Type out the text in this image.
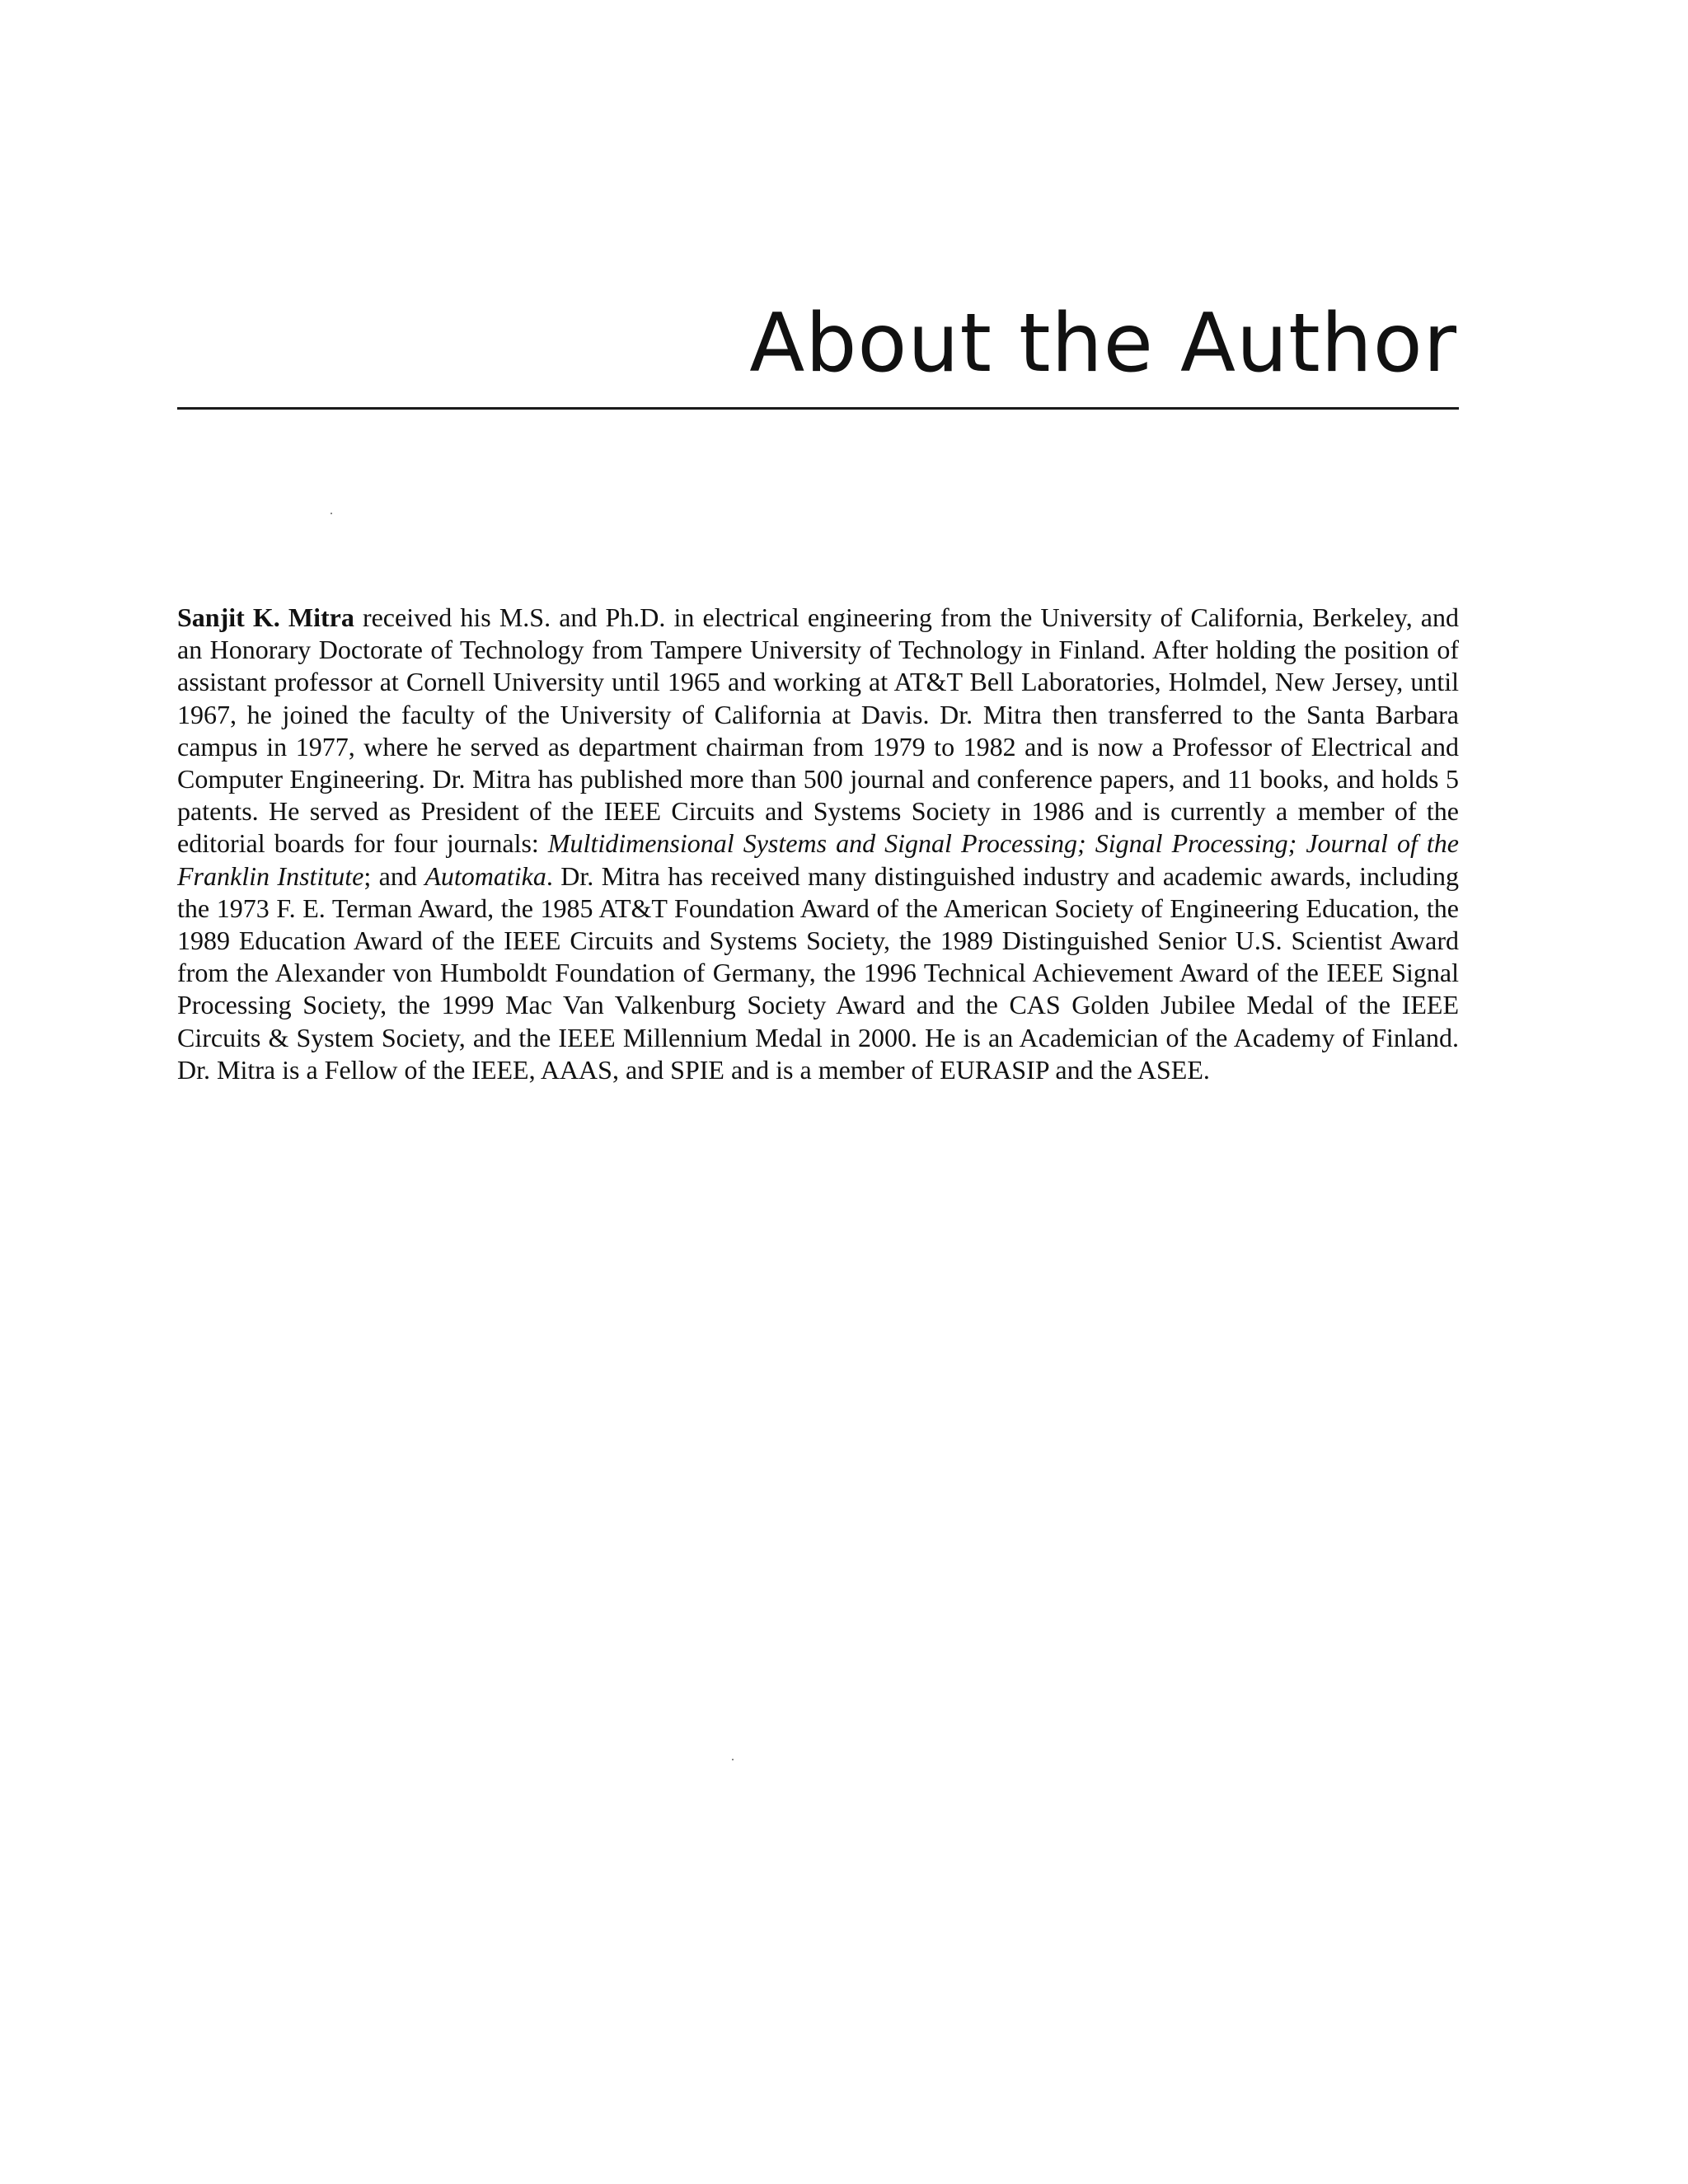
About the Author

Sanjit K. Mitra received his M.S. and Ph.D. in electrical engineering from the University of California, Berkeley, and an Honorary Doctorate of Technology from Tampere University of Technology in Finland. After holding the position of assistant professor at Cornell University until 1965 and working at AT&T Bell Laboratories, Holmdel, New Jersey, until 1967, he joined the faculty of the University of California at Davis. Dr. Mitra then transferred to the Santa Barbara campus in 1977, where he served as department chairman from 1979 to 1982 and is now a Professor of Electrical and Computer Engineering. Dr. Mitra has published more than 500 journal and conference papers, and 11 books, and holds 5 patents. He served as President of the IEEE Circuits and Systems Society in 1986 and is currently a member of the editorial boards for four journals: Multidimensional Systems and Signal Processing; Signal Processing; Journal of the Franklin Institute; and Automatika. Dr. Mitra has received many distinguished industry and academic awards, including the 1973 F. E. Terman Award, the 1985 AT&T Foundation Award of the American Society of Engineering Education, the 1989 Education Award of the IEEE Circuits and Systems Society, the 1989 Distinguished Senior U.S. Scientist Award from the Alexander von Humboldt Foundation of Germany, the 1996 Technical Achievement Award of the IEEE Signal Processing Society, the 1999 Mac Van Valkenburg Society Award and the CAS Golden Jubilee Medal of the IEEE Circuits & System Society, and the IEEE Millennium Medal in 2000. He is an Academician of the Academy of Finland. Dr. Mitra is a Fellow of the IEEE, AAAS, and SPIE and is a member of EURASIP and the ASEE.
